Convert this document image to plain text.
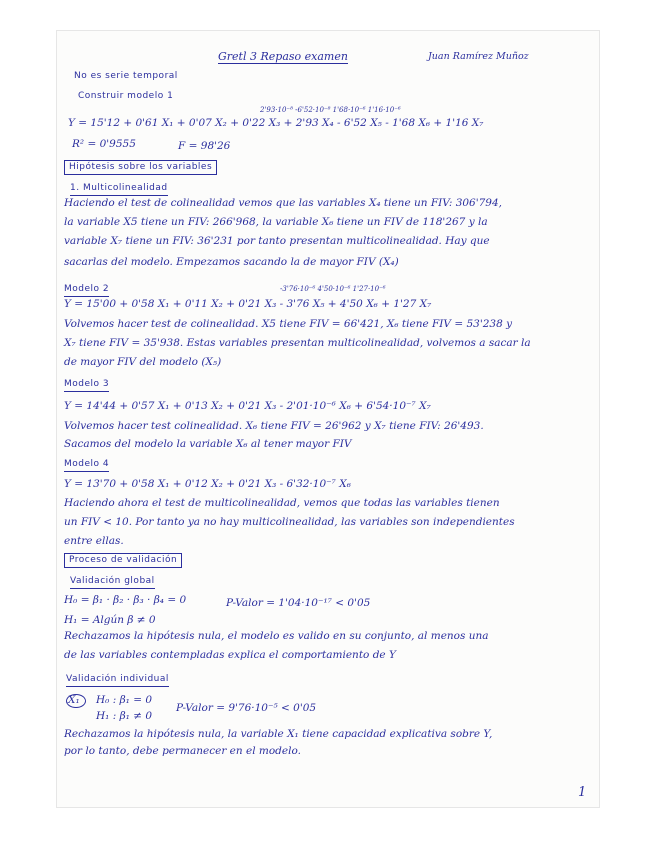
Gretl 3 Repaso examen	Juan Ramírez Muñoz
No es serie temporal
Construir modelo 1
2'93·10⁻⁸ -6'52·10⁻⁸ 1'68·10⁻⁶ 1'16·10⁻⁶
Y = 15'12 + 0'61 X₁ + 0'07 X₂ + 0'22 X₃ + 2'93 X₄ - 6'52 X₅ - 1'68 X₆ + 1'16 X₇
R² = 0'9555	F = 98'26
Hipótesis sobre los variables
1. Multicolinealidad
Haciendo el test de colinealidad vemos que las variables X₄ tiene un FIV: 306'794,
la variable X5 tiene un FIV: 266'968, la variable X₆ tiene un FIV de 118'267 y la
variable X₇ tiene un FIV: 36'231 por tanto presentan multicolinealidad. Hay que
sacarlas del modelo. Empezamos sacando la de mayor FIV (X₄)
Modelo 2	-3'76·10⁻⁶ 4'50·10⁻⁶ 1'27·10⁻⁶
Y = 15'00 + 0'58 X₁ + 0'11 X₂ + 0'21 X₃ - 3'76 X₅ + 4'50 X₆ + 1'27 X₇
Volvemos hacer test de colinealidad. X5 tiene FIV = 66'421, X₆ tiene FIV = 53'238 y
X₇ tiene FIV = 35'938. Estas variables presentan multicolinealidad, volvemos a sacar la
de mayor FIV del modelo (X₅)
Modelo 3
Y = 14'44 + 0'57 X₁ + 0'13 X₂ + 0'21 X₃ - 2'01·10⁻⁶ X₆ + 6'54·10⁻⁷ X₇
Volvemos hacer test colinealidad. X₆ tiene FIV = 26'962 y X₇ tiene FIV: 26'493.
Sacamos del modelo la variable X₆ al tener mayor FIV
Modelo 4
Y = 13'70 + 0'58 X₁ + 0'12 X₂ + 0'21 X₃ - 6'32·10⁻⁷ X₆
Haciendo ahora el test de multicolinealidad, vemos que todas las variables tienen
un FIV < 10. Por tanto ya no hay multicolinealidad, las variables son independientes
entre ellas.
Proceso de validación
Validación global
H₀ = β₁ · β₂ · β₃ · β₄ = 0	P-Valor = 1'04·10⁻¹⁷ < 0'05
H₁ = Algún β ≠ 0
Rechazamos la hipótesis nula, el modelo es valido en su conjunto, al menos una
de las variables contempladas explica el comportamiento de Y
Validación individual
X₁ H₀ : β₁ = 0
P-Valor = 9'76·10⁻⁵ < 0'05
H₁ : β₁ ≠ 0
Rechazamos la hipótesis nula, la variable X₁ tiene capacidad explicativa sobre Y,
por lo tanto, debe permanecer en el modelo.
1
